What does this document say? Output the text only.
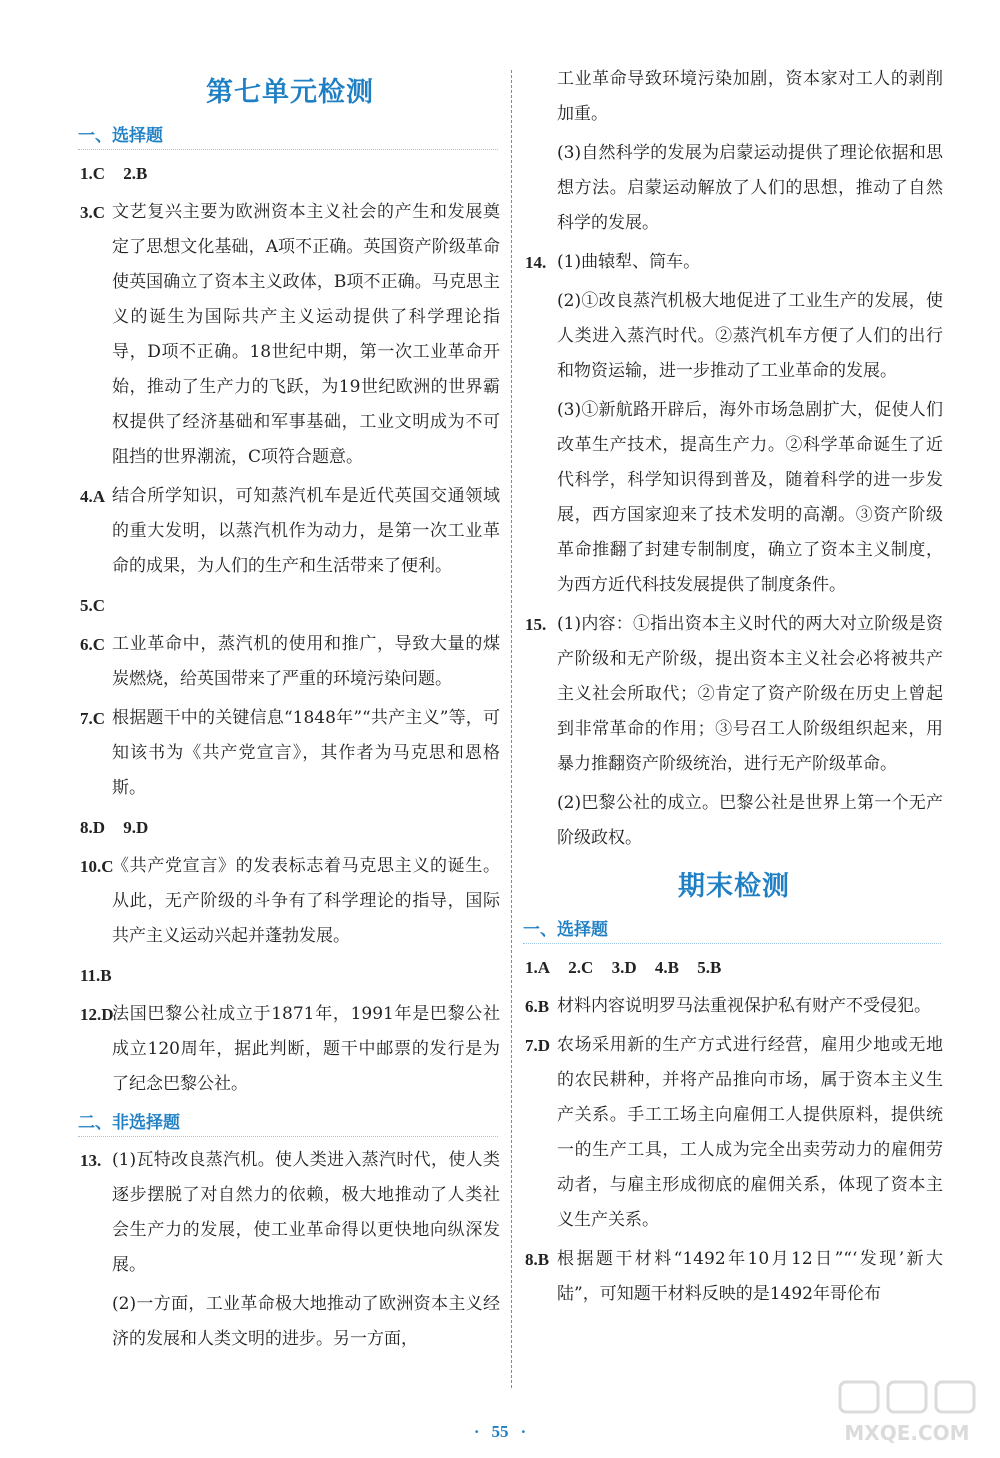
第七单元检测
一、选择题
1.C 2.B
3.C 文艺复兴主要为欧洲资本主义社会的产生和发展奠定了思想文化基础，A项不正确。英国资产阶级革命使英国确立了资本主义政体，B项不正确。马克思主义的诞生为国际共产主义运动提供了科学理论指导，D项不正确。18世纪中期，第一次工业革命开始，推动了生产力的飞跃，为19世纪欧洲的世界霸权提供了经济基础和军事基础，工业文明成为不可阻挡的世界潮流，C项符合题意。
4.A 结合所学知识，可知蒸汽机车是近代英国交通领域的重大发明，以蒸汽机作为动力，是第一次工业革命的成果，为人们的生产和生活带来了便利。
5.C
6.C 工业革命中，蒸汽机的使用和推广，导致大量的煤炭燃烧，给英国带来了严重的环境污染问题。
7.C 根据题干中的关键信息“1848年”“共产主义”等，可知该书为《共产党宣言》，其作者为马克思和恩格斯。
8.D 9.D
10.C
《共产党宣言》的发表标志着马克思主义的诞生。从此，无产阶级的斗争有了科学理论的指导，国际共产主义运动兴起并蓬勃发展。
11.B
12.D
法国巴黎公社成立于1871年，1991年是巴黎公社成立120周年，据此判断，题干中邮票的发行是为了纪念巴黎公社。
二、非选择题
13. (1)瓦特改良蒸汽机。使人类进入蒸汽时代，使人类逐步摆脱了对自然力的依赖，极大地推动了人类社会生产力的发展，使工业革命得以更快地向纵深发展。
(2)一方面，工业革命极大地推动了欧洲资本主义经济的发展和人类文明的进步。另一方面，
工业革命导致环境污染加剧，资本家对工人的剥削加重。
(3)自然科学的发展为启蒙运动提供了理论依据和思想方法。启蒙运动解放了人们的思想，推动了自然科学的发展。
14. (1)曲辕犁、筒车。
(2)①改良蒸汽机极大地促进了工业生产的发展，使人类进入蒸汽时代。②蒸汽机车方便了人们的出行和物资运输，进一步推动了工业革命的发展。
(3)①新航路开辟后，海外市场急剧扩大，促使人们改革生产技术，提高生产力。②科学革命诞生了近代科学，科学知识得到普及，随着科学的进一步发展，西方国家迎来了技术发明的高潮。③资产阶级革命推翻了封建专制制度，确立了资本主义制度，为西方近代科技发展提供了制度条件。
15. (1)内容：①指出资本主义时代的两大对立阶级是资产阶级和无产阶级，提出资本主义社会必将被共产主义社会所取代；②肯定了资产阶级在历史上曾起到非常革命的作用；③号召工人阶级组织起来，用暴力推翻资产阶级统治，进行无产阶级革命。
(2)巴黎公社的成立。巴黎公社是世界上第一个无产阶级政权。
期末检测
一、选择题
1.A 2.C 3.D 4.B 5.B
6.B 材料内容说明罗马法重视保护私有财产不受侵犯。
7.D 农场采用新的生产方式进行经营，雇用少地或无地的农民耕种，并将产品推向市场，属于资本主义生产关系。手工工场主向雇佣工人提供原料，提供统一的生产工具，工人成为完全出卖劳动力的雇佣劳动者，与雇主形成彻底的雇佣关系，体现了资本主义生产关系。
8.B 根据题干材料“1492年10月12日”“‘发现’新大陆”，可知题干材料反映的是1492年哥伦布
· 55 ·	MXQE.COM
